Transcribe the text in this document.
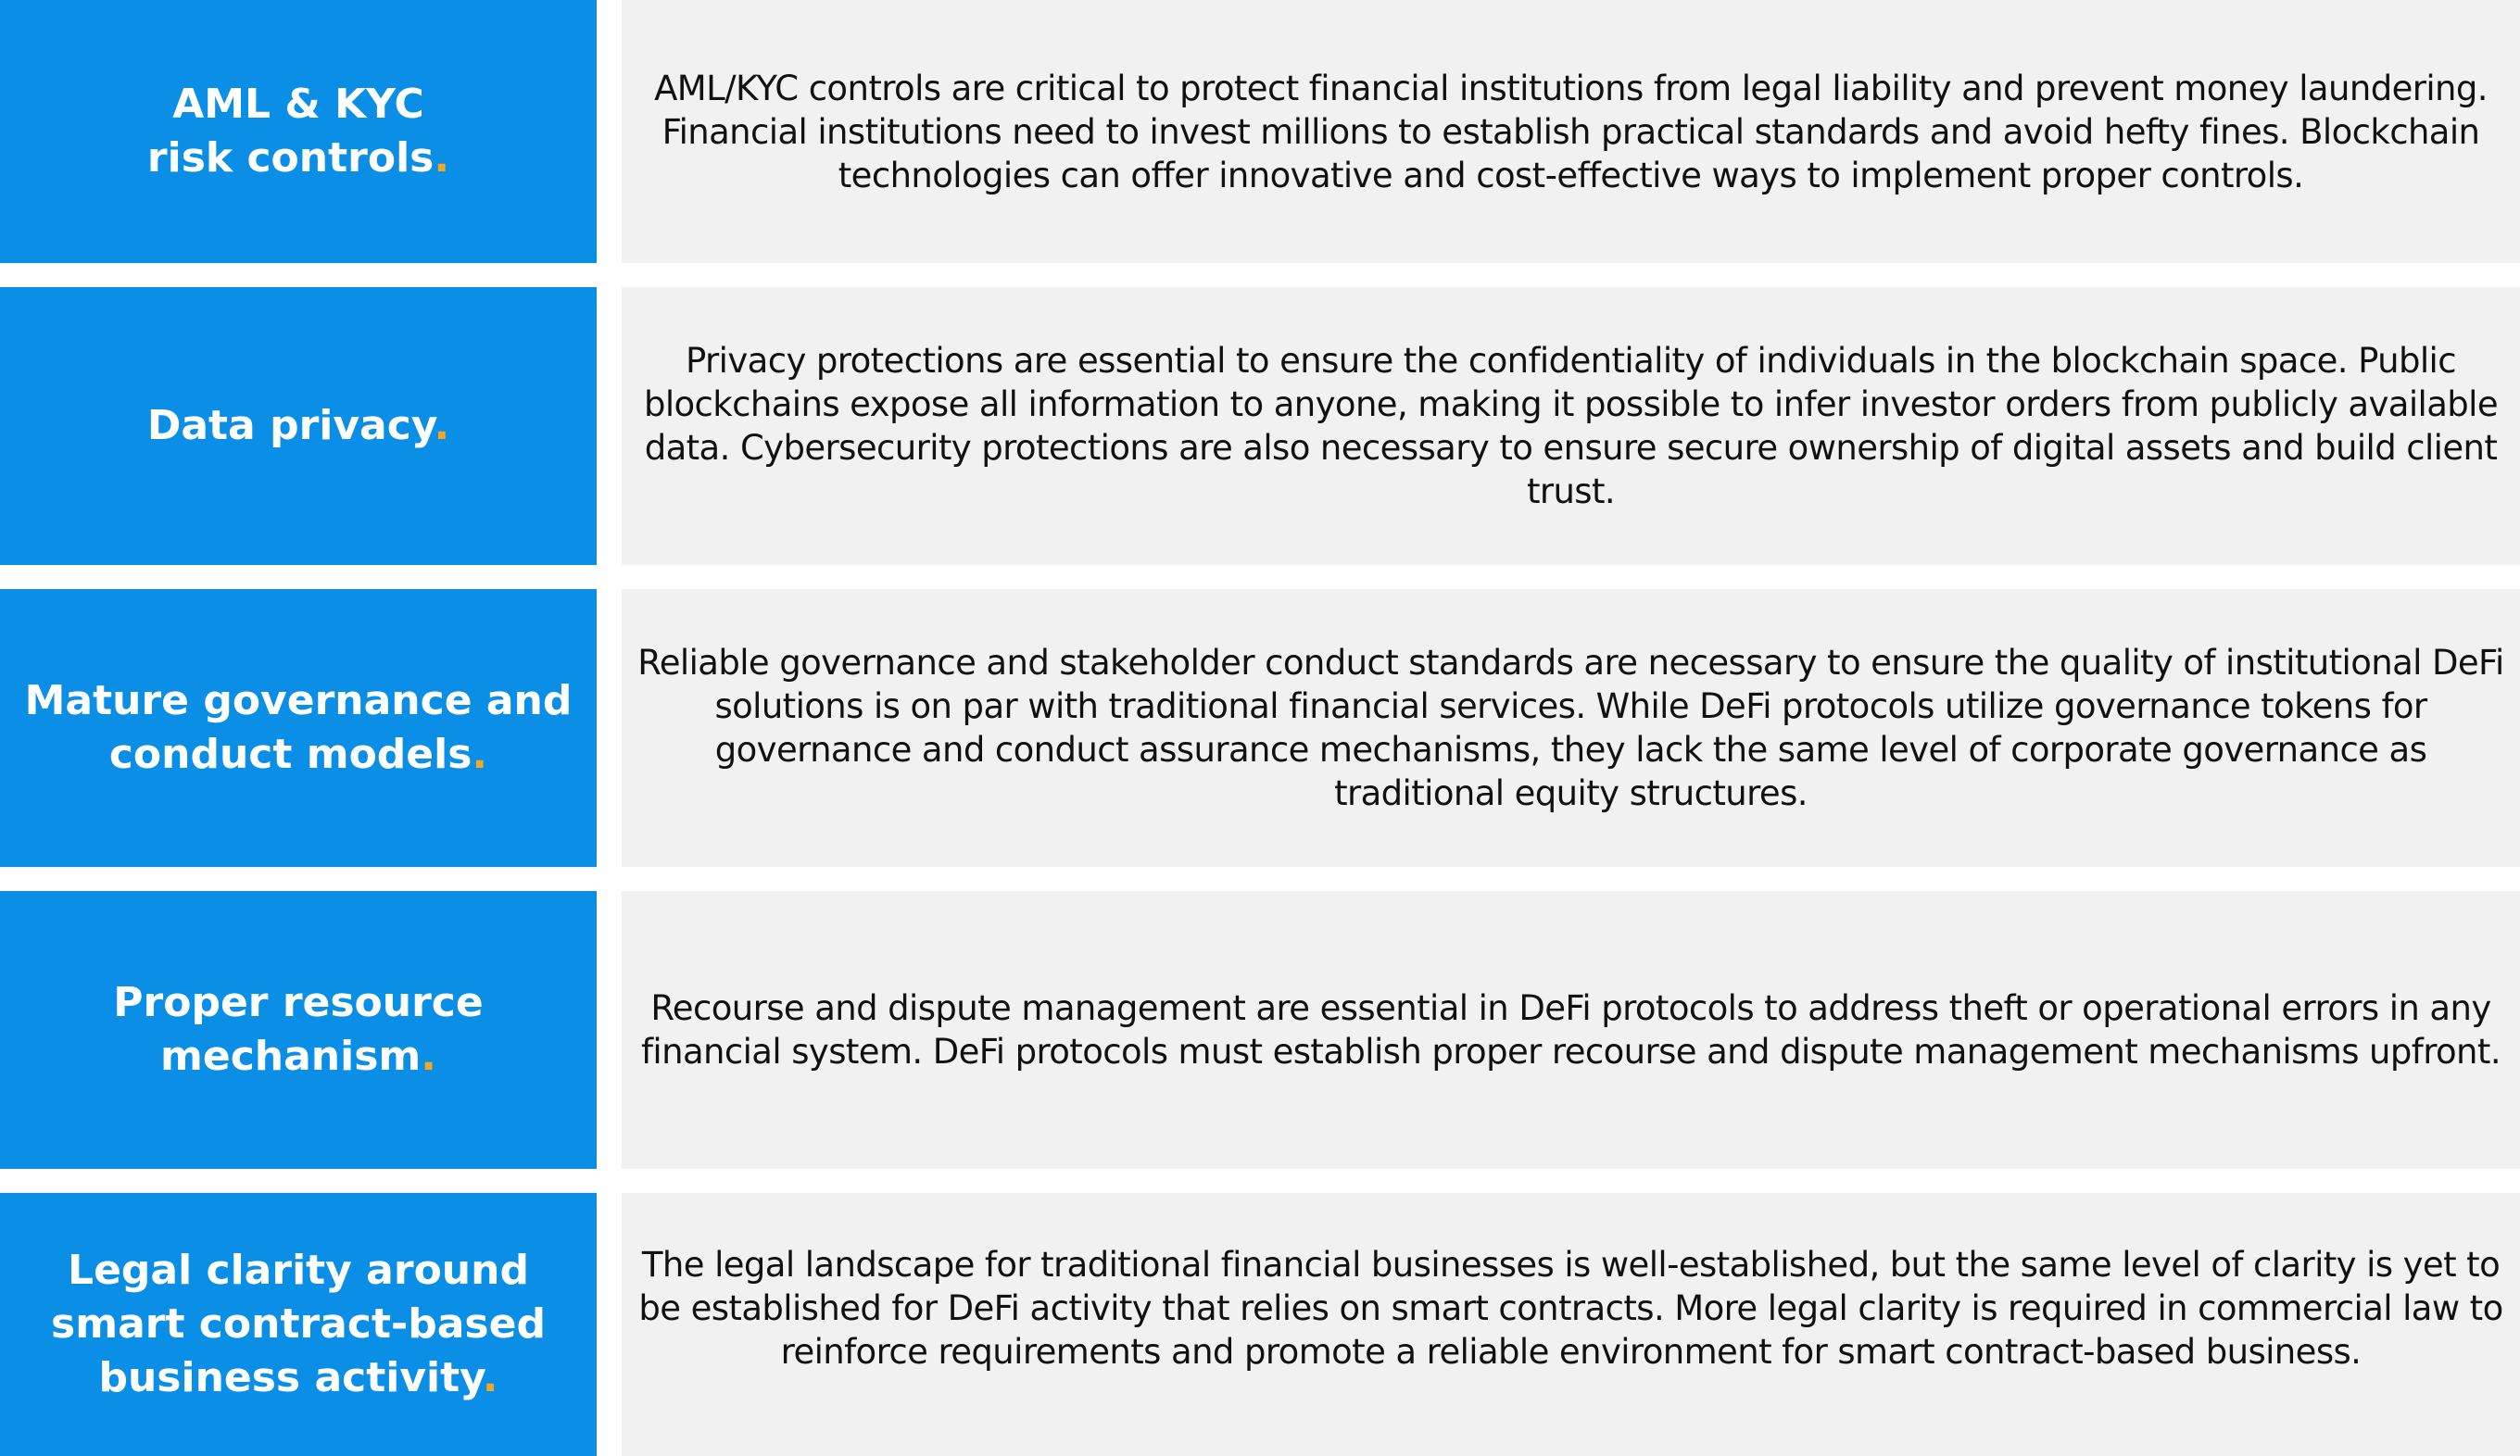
AML & KYC
risk controls.
AML/KYC controls are critical to protect financial institutions from legal liability and prevent money laundering. Financial institutions need to invest millions to establish practical standards and avoid hefty fines. Blockchain technologies can offer innovative and cost-effective ways to implement proper controls.
Data privacy.
Privacy protections are essential to ensure the confidentiality of individuals in the blockchain space. Public blockchains expose all information to anyone, making it possible to infer investor orders from publicly available data. Cybersecurity protections are also necessary to ensure secure ownership of digital assets and build client trust.
Mature governance and
conduct models.
Reliable governance and stakeholder conduct standards are necessary to ensure the quality of institutional DeFi solutions is on par with traditional financial services. While DeFi protocols utilize governance tokens for governance and conduct assurance mechanisms, they lack the same level of corporate governance as traditional equity structures.
Proper resource
mechanism.
Recourse and dispute management are essential in DeFi protocols to address theft or operational errors in any financial system. DeFi protocols must establish proper recourse and dispute management mechanisms upfront.
Legal clarity around
smart contract-based
business activity.
The legal landscape for traditional financial businesses is well-established, but the same level of clarity is yet to be established for DeFi activity that relies on smart contracts. More legal clarity is required in commercial law to reinforce requirements and promote a reliable environment for smart contract-based business.
